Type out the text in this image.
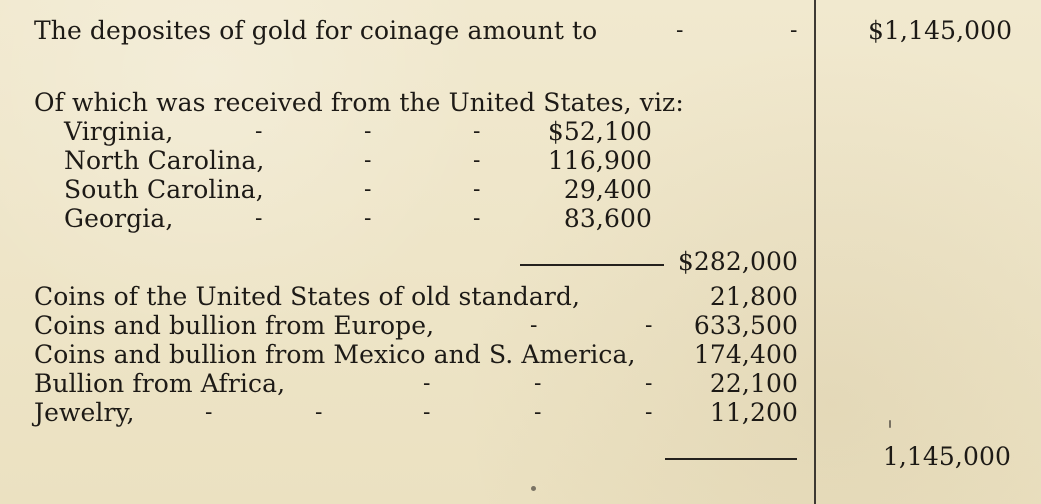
The deposites of gold for coinage amount to	-	-	$1,145,000
Of which was received from the United States, viz:
Virginia,	-	-	-	$52,100
North Carolina,	-	-	116,900
South Carolina,	-	-	29,400
Georgia,	-	-	-	83,600
$282,000
Coins of the United States of old standard,	21,800
Coins and bullion from Europe,	-	-	633,500
Coins and bullion from Mexico and S. America,	174,400
Bullion from Africa,	-	-	-	22,100
Jewelry,	-	-	-	-	-	11,200
1,145,000
